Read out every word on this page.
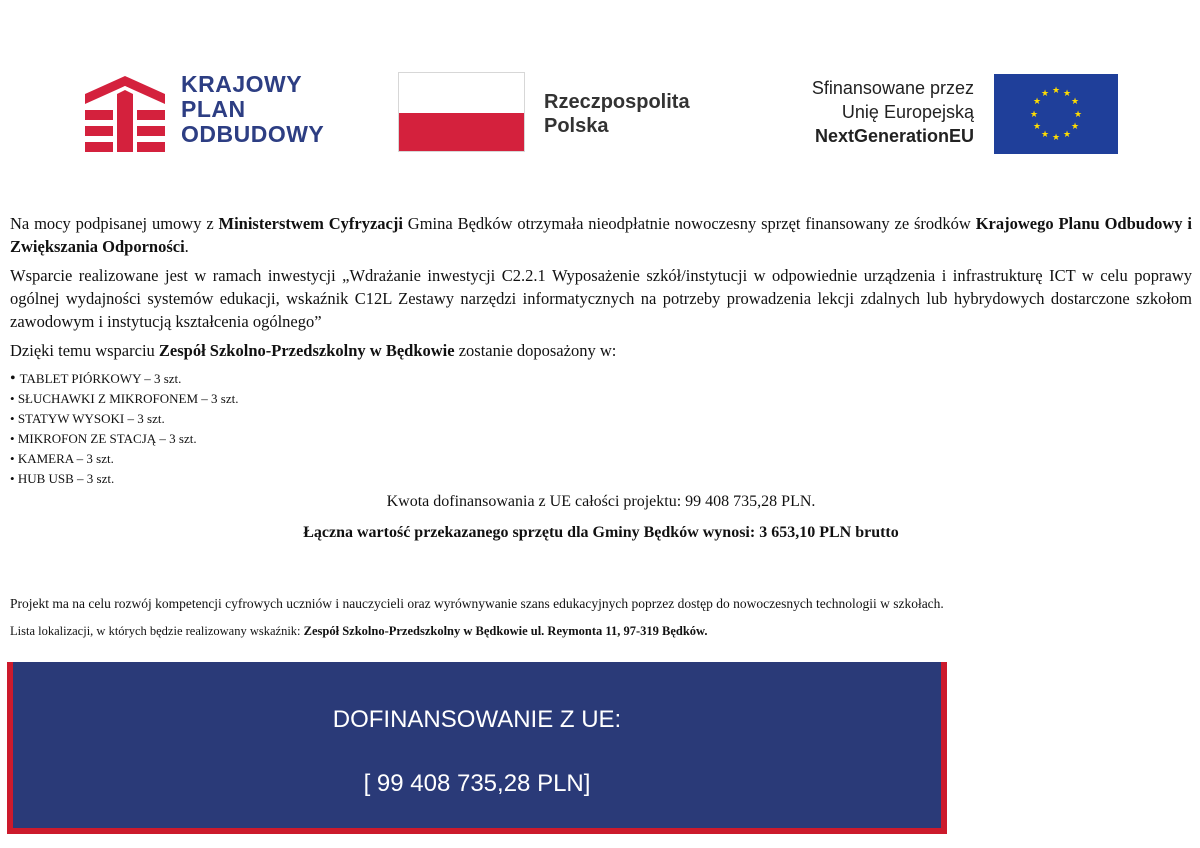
KRAJOWY
PLAN
ODBUDOWY
Rzeczpospolita
Polska
Sfinansowane przez
Unię Europejską
NextGenerationEU
★ ★
★
★
★
★
★
★
★
★
★
★

Na mocy podpisanej umowy z Ministerstwem Cyfryzacji Gmina Będków otrzymała nieodpłatnie nowoczesny sprzęt finansowany ze środków Krajowego Planu Odbudowy i Zwiększania Odporności.

Wsparcie realizowane jest w ramach inwestycji „Wdrażanie inwestycji C2.2.1 Wyposażenie szkół/instytucji w odpowiednie urządzenia i infrastrukturę ICT w celu poprawy ogólnej wydajności systemów edukacji, wskaźnik C12L Zestawy narzędzi informatycznych na potrzeby prowadzenia lekcji zdalnych lub hybrydowych dostarczone szkołom zawodowym i instytucją kształcenia ogólnego”

Dzięki temu wsparciu Zespół Szkolno-Przedszkolny w Będkowie zostanie doposażony w:

• TABLET PIÓRKOWY – 3 szt.
• SŁUCHAWKI Z MIKROFONEM – 3 szt.
• STATYW WYSOKI – 3 szt.
• MIKROFON ZE STACJĄ – 3 szt.
• KAMERA – 3 szt.
• HUB USB – 3 szt.
Kwota dofinansowania z UE całości projektu: 99 408 735,28 PLN.
Łączna wartość przekazanego sprzętu dla Gminy Będków wynosi: 3 653,10 PLN brutto

Projekt ma na celu rozwój kompetencji cyfrowych uczniów i nauczycieli oraz wyrównywanie szans edukacyjnych poprzez dostęp do nowoczesnych technologii w szkołach.

Lista lokalizacji, w których będzie realizowany wskaźnik: Zespół Szkolno-Przedszkolny w Będkowie ul. Reymonta 11, 97-319 Będków.

DOFINANSOWANIE Z UE:
[ 99 408 735,28 PLN]
